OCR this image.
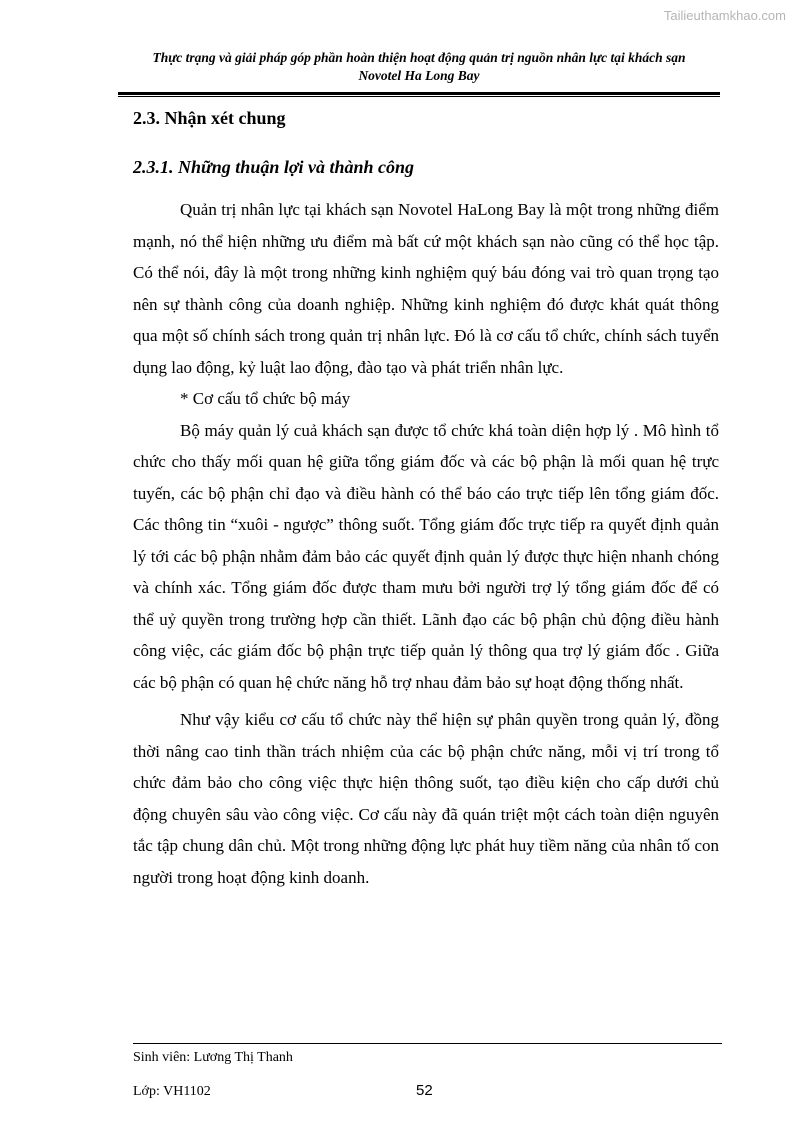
Tailieuthamkhao.com
Thực trạng và giải pháp góp phần hoàn thiện hoạt động quản trị nguồn nhân lực tại khách sạn
Novotel Ha Long Bay
2.3. Nhận xét chung
2.3.1. Những thuận lợi và thành công

Quản trị nhân lực tại khách sạn Novotel HaLong Bay là một trong những điểm mạnh, nó thể hiện những ưu điểm mà bất cứ một khách sạn nào cũng có thể học tập. Có thể nói, đây là một trong những kinh nghiệm quý báu đóng vai trò quan trọng tạo nên sự thành công của doanh nghiệp. Những kinh nghiệm đó được khát quát thông qua một số chính sách trong quản trị nhân lực. Đó là cơ cấu tổ chức, chính sách tuyển dụng lao động, kỷ luật lao động, đào tạo và phát triển nhân lực.

* Cơ cấu tổ chức bộ máy

Bộ máy quản lý cuả khách sạn được tổ chức khá toàn diện hợp lý . Mô hình tổ chức cho thấy mối quan hệ giữa tổng giám đốc và các bộ phận là mối quan hệ trực tuyến, các bộ phận chỉ đạo và điều hành có thể báo cáo trực tiếp lên tổng giám đốc. Các thông tin “xuôi - ngược” thông suốt. Tổng giám đốc trực tiếp ra quyết định quản lý tới các bộ phận nhằm đảm bảo các quyết định quản lý được thực hiện nhanh chóng và chính xác. Tổng giám đốc được tham mưu bởi người trợ lý tổng giám đốc để có thể uỷ quyền trong trường hợp cần thiết. Lãnh đạo các bộ phận chủ động điều hành công việc, các giám đốc bộ phận trực tiếp quản lý thông qua trợ lý giám đốc . Giữa các bộ phận có quan hệ chức năng hỗ trợ nhau đảm bảo sự hoạt động thống nhất.

Như vậy kiểu cơ cấu tổ chức này thể hiện sự phân quyền trong quản lý, đồng thời nâng cao tinh thần trách nhiệm của các bộ phận chức năng, mỗi vị trí trong tổ chức đảm bảo cho công việc thực hiện thông suốt, tạo điều kiện cho cấp dưới chủ động chuyên sâu vào công việc. Cơ cấu này đã quán triệt một cách toàn diện nguyên tắc tập chung dân chủ. Một trong những động lực phát huy tiềm năng của nhân tố con người trong hoạt động kinh doanh.

Sinh viên: Lương Thị Thanh
Lớp: VH1102	52
